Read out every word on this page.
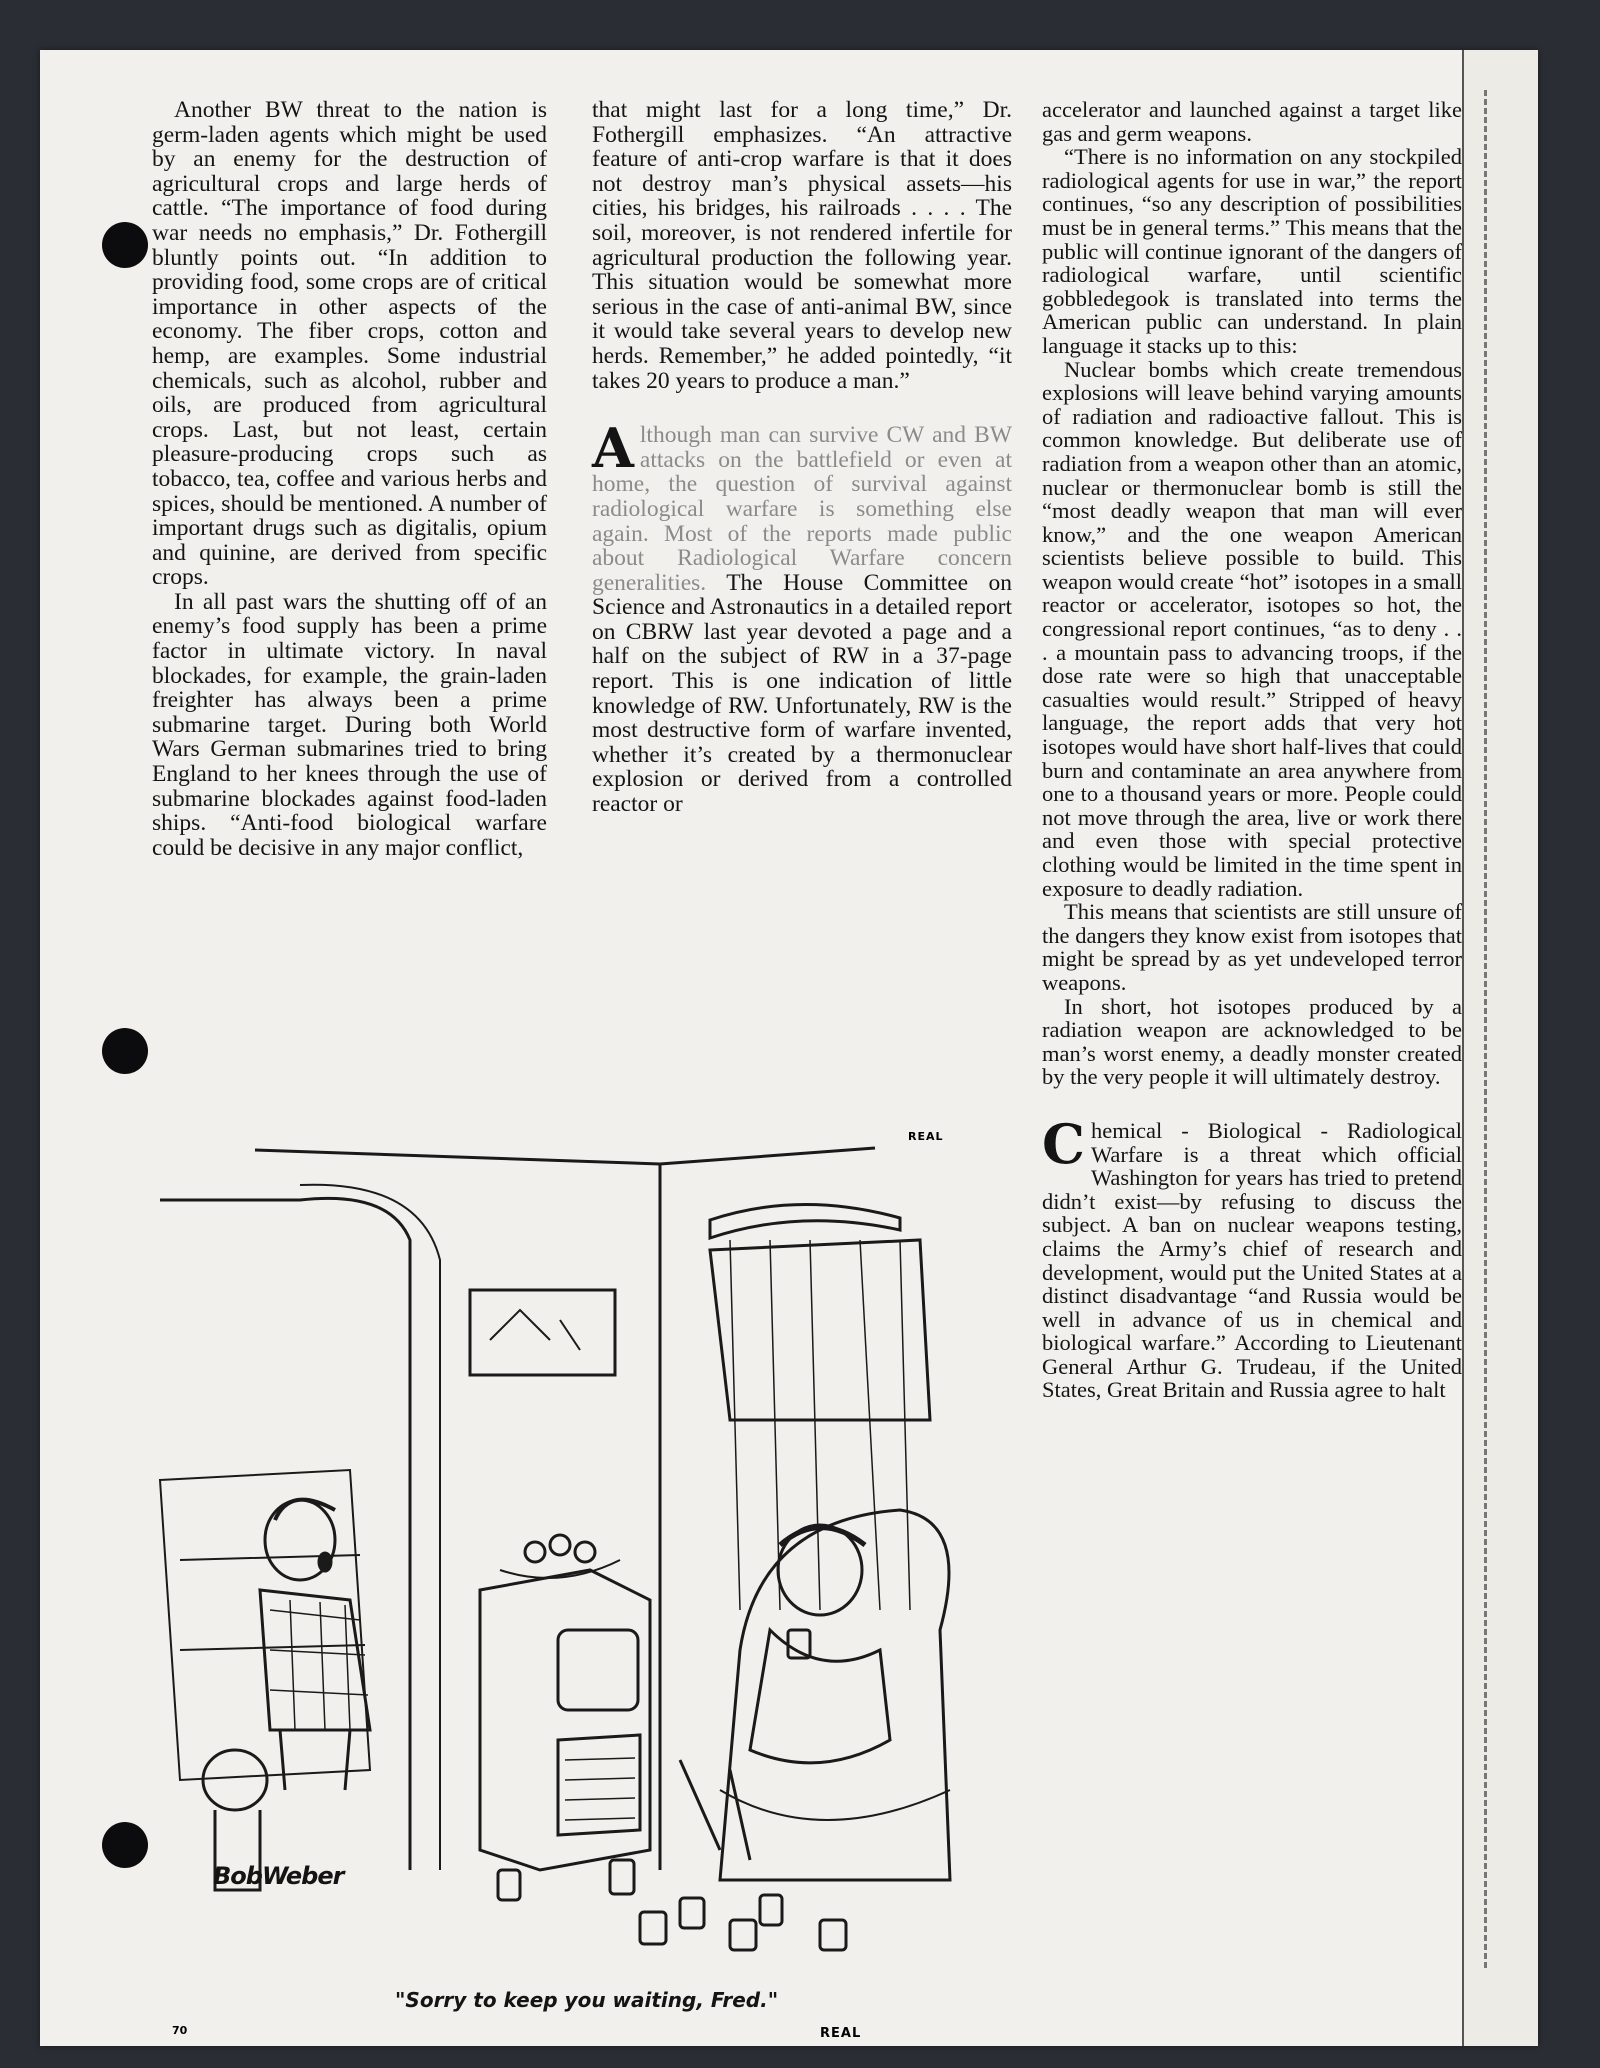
Another BW threat to the nation is germ-laden agents which might be used by an enemy for the destruction of agricultural crops and large herds of cattle. “The importance of food during war needs no emphasis,” Dr. Fothergill bluntly points out. “In addition to providing food, some crops are of critical importance in other aspects of the economy. The fiber crops, cotton and hemp, are examples. Some industrial chemicals, such as alcohol, rubber and oils, are produced from agricultural crops. Last, but not least, certain pleasure-producing crops such as tobacco, tea, coffee and various herbs and spices, should be mentioned. A number of important drugs such as digitalis, opium and quinine, are derived from specific crops.

In all past wars the shutting off of an enemy’s food supply has been a prime factor in ultimate victory. In naval blockades, for example, the grain-laden freighter has always been a prime submarine target. During both World Wars German submarines tried to bring England to her knees through the use of submarine blockades against food-laden ships. “Anti-food biological warfare could be decisive in any major conflict,

that might last for a long time,” Dr. Fothergill emphasizes. “An attractive feature of anti-crop warfare is that it does not destroy man’s physical assets—his cities, his bridges, his railroads . . . . The soil, moreover, is not rendered infertile for agricultural production the following year. This situation would be somewhat more serious in the case of anti-animal BW, since it would take several years to develop new herds. Remember,” he added pointedly, “it takes 20 years to produce a man.”

Although man can survive CW and BW attacks on the battlefield or even at home, the question of survival against radiological warfare is something else again. Most of the reports made public about Radiological Warfare concern generalities. The House Committee on Science and Astronautics in a detailed report on CBRW last year devoted a page and a half on the subject of RW in a 37-page report. This is one indication of little knowledge of RW. Unfortunately, RW is the most destructive form of warfare invented, whether it’s created by a thermonuclear explosion or derived from a controlled reactor or

accelerator and launched against a target like gas and germ weapons.

“There is no information on any stockpiled radiological agents for use in war,” the report continues, “so any description of possibilities must be in general terms.” This means that the public will continue ignorant of the dangers of radiological warfare, until scientific gobbledegook is translated into terms the American public can understand. In plain language it stacks up to this:

Nuclear bombs which create tremendous explosions will leave behind varying amounts of radiation and radioactive fallout. This is common knowledge. But deliberate use of radiation from a weapon other than an atomic, nuclear or thermonuclear bomb is still the “most deadly weapon that man will ever know,” and the one weapon American scientists believe possible to build. This weapon would create “hot” isotopes in a small reactor or accelerator, isotopes so hot, the congressional report continues, “as to deny . . . a mountain pass to advancing troops, if the dose rate were so high that unacceptable casualties would result.” Stripped of heavy language, the report adds that very hot isotopes would have short half-lives that could burn and contaminate an area anywhere from one to a thousand years or more. People could not move through the area, live or work there and even those with special protective clothing would be limited in the time spent in exposure to deadly radiation.

This means that scientists are still unsure of the dangers they know exist from isotopes that might be spread by as yet undeveloped terror weapons.

In short, hot isotopes produced by a radiation weapon are acknowledged to be man’s worst enemy, a deadly monster created by the very people it will ultimately destroy.

Chemical - Biological - Radiological Warfare is a threat which official Washington for years has tried to pretend didn’t exist—by refusing to discuss the subject. A ban on nuclear weapons testing, claims the Army’s chief of research and development, would put the United States at a distinct disadvantage “and Russia would be well in advance of us in chemical and biological warfare.” According to Lieutenant General Arthur G. Trudeau, if the United States, Great Britain and Russia agree to halt

REAL
BobWeber
"Sorry to keep you waiting, Fred."
70	REAL
